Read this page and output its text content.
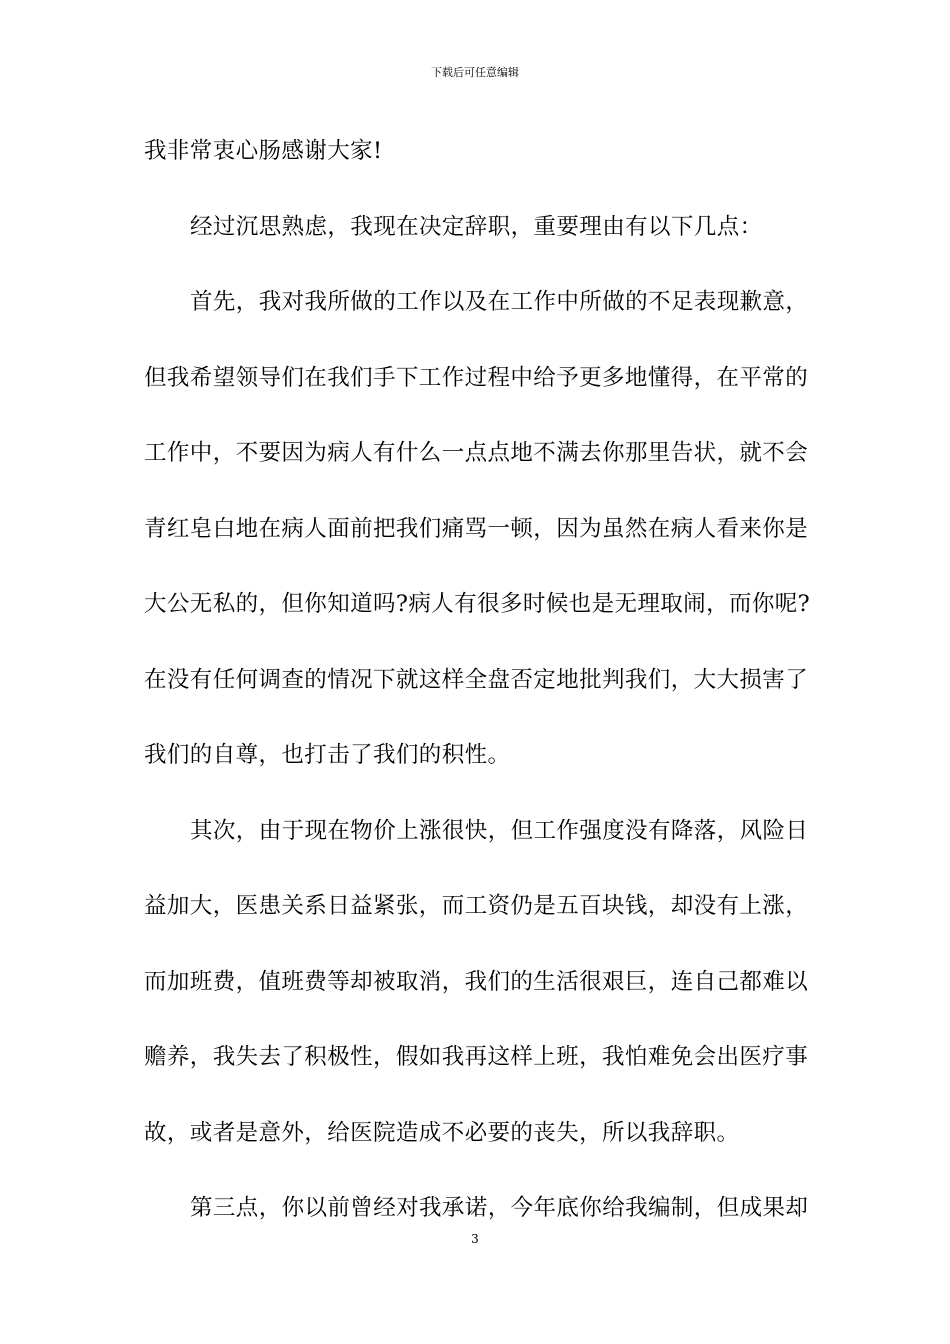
下载后可任意编辑
我非常衷心肠感谢大家!
经过沉思熟虑，我现在决定辞职，重要理由有以下几点：
首先，我对我所做的工作以及在工作中所做的不足表现歉意，
但我希望领导们在我们手下工作过程中给予更多地懂得，在平常的
工作中，不要因为病人有什么一点点地不满去你那里告状，就不会
青红皂白地在病人面前把我们痛骂一顿，因为虽然在病人看来你是
大公无私的，但你知道吗?病人有很多时候也是无理取闹，而你呢?
在没有任何调查的情况下就这样全盘否定地批判我们，大大损害了
我们的自尊，也打击了我们的积性。
其次，由于现在物价上涨很快，但工作强度没有降落，风险日
益加大，医患关系日益紧张，而工资仍是五百块钱，却没有上涨，
而加班费，值班费等却被取消，我们的生活很艰巨，连自己都难以
赡养，我失去了积极性，假如我再这样上班，我怕难免会出医疗事
故，或者是意外，给医院造成不必要的丧失，所以我辞职。
第三点，你以前曾经对我承诺，今年底你给我编制，但成果却
3
